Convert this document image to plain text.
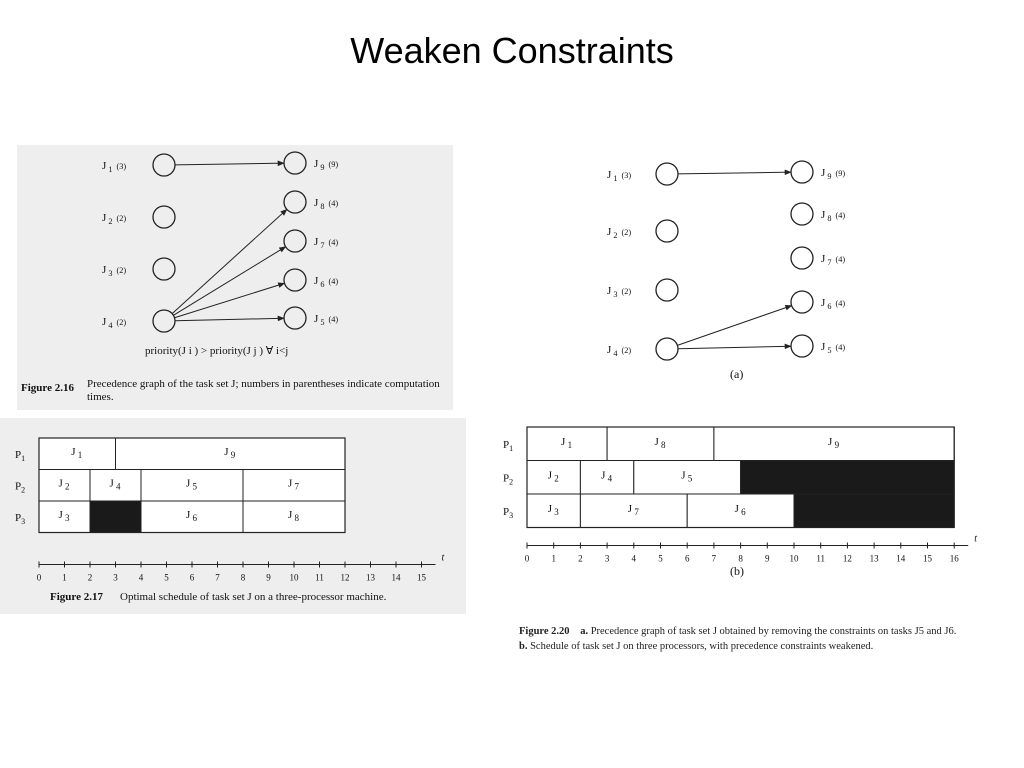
Weaken Constraints
priority(J i ) > priority(J j ) ∀ i<j
Figure 2.16 Precedence graph of the task set J; numbers in parentheses indicate computation times.
J $_1$ $^{(3)}$
J $_2$ $^{(2)}$
J $_3$ $^{(2)}$
J $_4$ $^{(2)}$
J $_9$ $^{(9)}$
J $_8$ $^{(4)}$
J $_7$ $^{(4)}$
J $_6$ $^{(4)}$
J $_5$ $^{(4)}$
Figure 2.17 Optimal schedule of task set J on a three-processor machine.
$P_1$
$P_2$
$P_3$
J $_1$	J $_9$
J $_2$	J $_4$	J $_5$	J $_7$
J $_3$	J $_6$	J $_8$
0 1 2 3 4 5 6 7 8 9 10 11 12 13 14 15
t
(a)
J $_1$ $^{(3)}$
J $_2$ $^{(2)}$
J $_3$ $^{(2)}$
J $_4$ $^{(2)}$
J $_9$ $^{(9)}$
J $_8$ $^{(4)}$
J $_7$ $^{(4)}$
J $_6$ $^{(4)}$
J $_5$ $^{(4)}$
(b)
$P_1$
$P_2$
$P_3$
J $_1$	J $_8$	J $_9$
J $_2$	J $_4$	J $_5$
J $_3$	J $_7$	J $_6$
0 1 2 3 4 5 6 7 8 9 10 11 12 13 14 15 16
t
Figure 2.20 a. Precedence graph of task set J obtained by removing the constraints on tasks J5 and J6. b. Schedule of task set J on three processors, with precedence constraints weakened.
